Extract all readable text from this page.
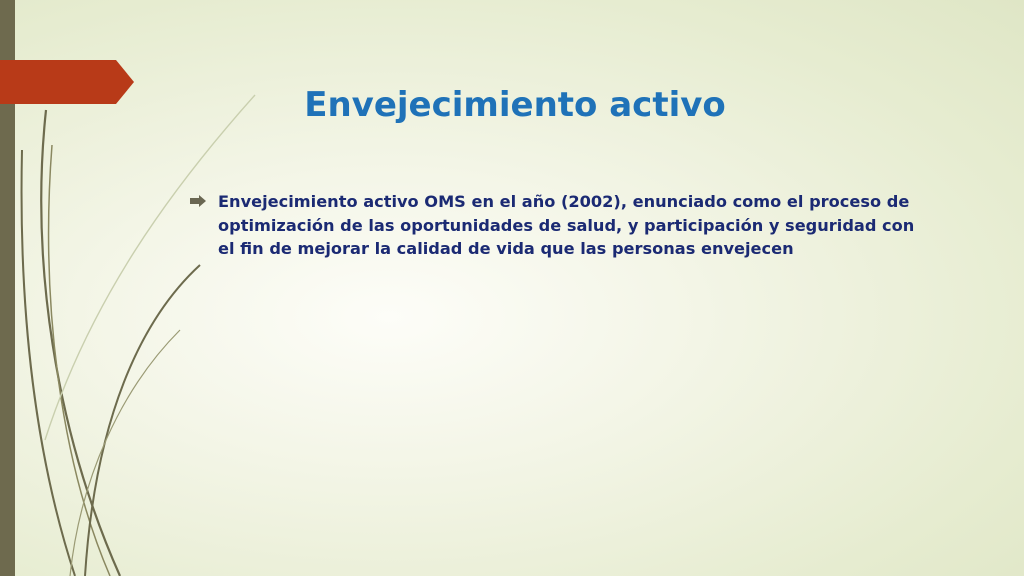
Envejecimiento activo
Envejecimiento activo OMS en el año (2002), enunciado como el proceso de optimización de las oportunidades de salud, y participación y seguridad con el fin de mejorar la calidad de vida que las personas envejecen
